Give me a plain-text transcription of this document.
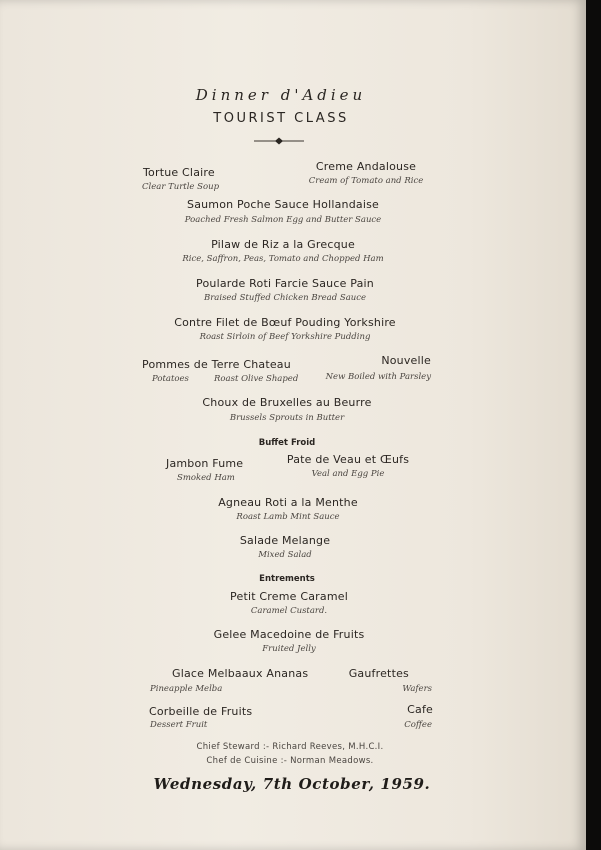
Dinner d'Adieu
TOURIST CLASS
Tortue Claire
Clear Turtle Soup
Creme Andalouse
Cream of Tomato and Rice
Saumon Poche Sauce Hollandaise
Poached Fresh Salmon Egg and Butter Sauce
Pilaw de Riz a la Grecque
Rice, Saffron, Peas, Tomato and Chopped Ham
Poularde Roti Farcie Sauce Pain
Braised Stuffed Chicken Bread Sauce
Contre Filet de Bœuf Pouding Yorkshire
Roast Sirloin of Beef Yorkshire Pudding
Pommes de Terre Chateau
Potatoes	Roast Olive Shaped
Nouvelle
New Boiled with Parsley
Choux de Bruxelles au Beurre
Brussels Sprouts in Butter
Buffet Froid
Jambon Fume
Smoked Ham
Pate de Veau et Œufs
Veal and Egg Pie
Agneau Roti a la Menthe
Roast Lamb Mint Sauce
Salade Melange
Mixed Salad
Entrements
Petit Creme Caramel
Caramel Custard.
Gelee Macedoine de Fruits
Fruited Jelly
Glace Melbaaux Ananas
Pineapple Melba
Gaufrettes
Wafers
Corbeille de Fruits
Dessert Fruit
Cafe
Coffee
Chief Steward :- Richard Reeves, M.H.C.I.
Chef de Cuisine :- Norman Meadows.
Wednesday, 7th October, 1959.
